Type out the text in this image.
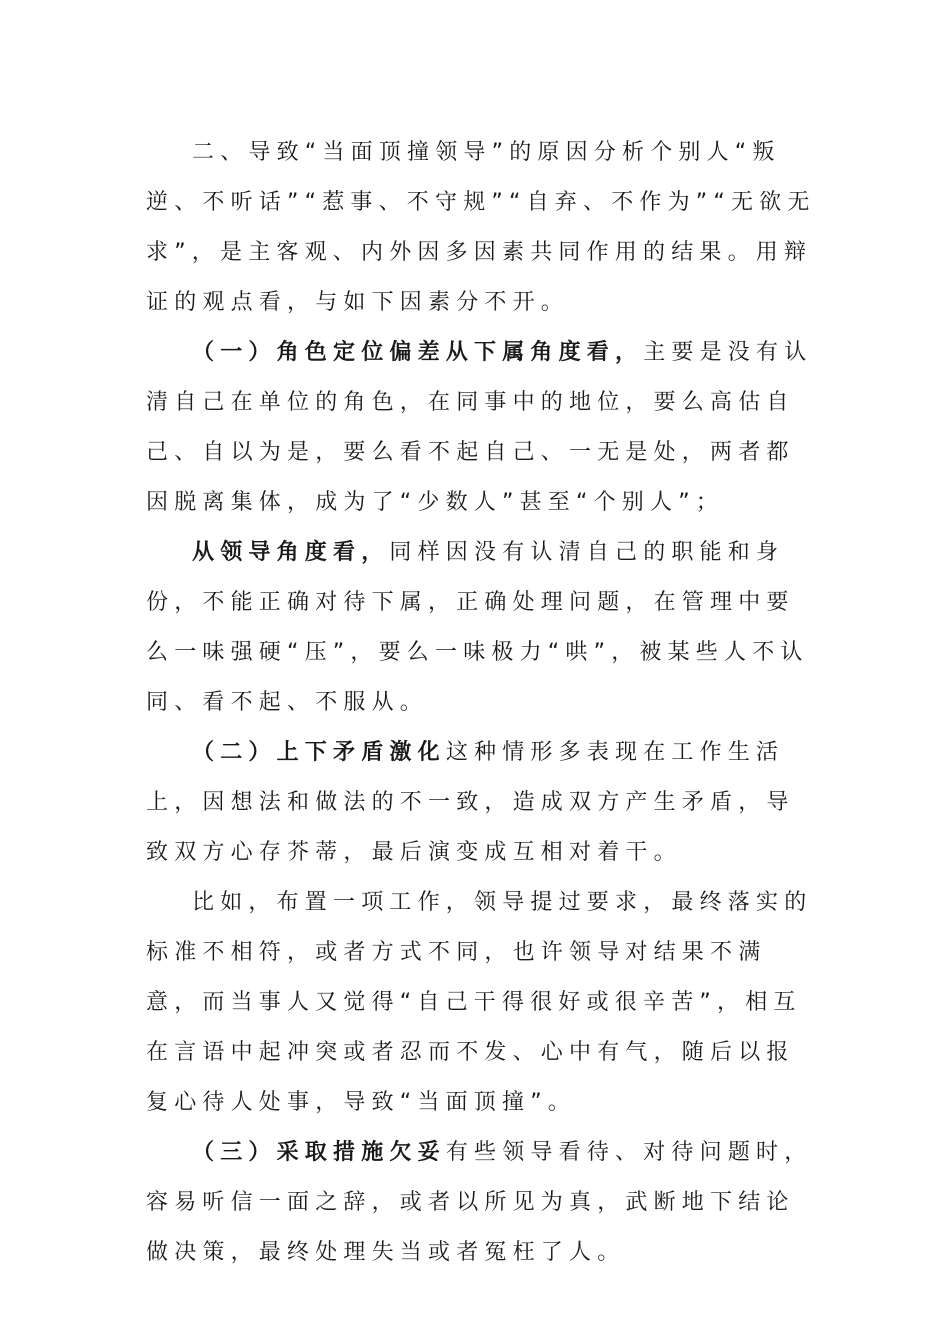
二、导致“当面顶撞领导”的原因分析个别人“叛逆、不听话”“惹事、不守规”“自弃、不作为”“无欲无求”，是主客观、内外因多因素共同作用的结果。用辩证的观点看，与如下因素分不开。

（一）角色定位偏差从下属角度看，主要是没有认清自己在单位的角色，在同事中的地位，要么高估自己、自以为是，要么看不起自己、一无是处，两者都因脱离集体，成为了“少数人”甚至“个别人”；

从领导角度看，同样因没有认清自己的职能和身份，不能正确对待下属，正确处理问题，在管理中要么一味强硬“压”，要么一味极力“哄”，被某些人不认同、看不起、不服从。

（二）上下矛盾激化这种情形多表现在工作生活上，因想法和做法的不一致，造成双方产生矛盾，导致双方心存芥蒂，最后演变成互相对着干。

比如，布置一项工作，领导提过要求，最终落实的标准不相符，或者方式不同，也许领导对结果不满意，而当事人又觉得“自己干得很好或很辛苦”，相互在言语中起冲突或者忍而不发、心中有气，随后以报复心待人处事，导致“当面顶撞”。

（三）采取措施欠妥有些领导看待、对待问题时，容易听信一面之辞，或者以所见为真，武断地下结论做决策，最终处理失当或者冤枉了人。
